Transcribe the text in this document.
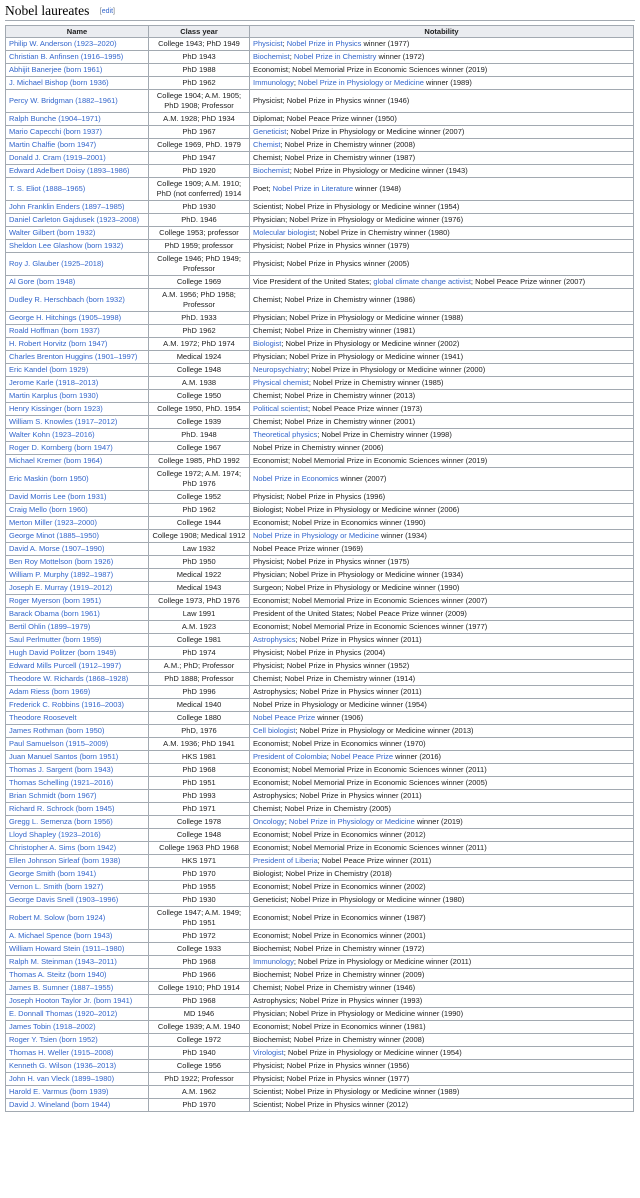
Nobel laureates [edit]
Name	Class year	Notability
Philip W. Anderson (1923–2020)	College 1943; PhD 1949	Physicist; Nobel Prize in Physics winner (1977)
Christian B. Anfinsen (1916–1995)	PhD 1943	Biochemist; Nobel Prize in Chemistry winner (1972)
Abhijit Banerjee (born 1961)	PhD 1988	Economist; Nobel Memorial Prize in Economic Sciences winner (2019)
J. Michael Bishop (born 1936)	PhD 1962	Immunology; Nobel Prize in Physiology or Medicine winner (1989)
Percy W. Bridgman (1882–1961)	College 1904; A.M. 1905; PhD 1908; Professor	Physicist; Nobel Prize in Physics winner (1946)
Ralph Bunche (1904–1971)	A.M. 1928; PhD 1934	Diplomat; Nobel Peace Prize winner (1950)
Mario Capecchi (born 1937)	PhD 1967	Geneticist; Nobel Prize in Physiology or Medicine winner (2007)
Martin Chalfie (born 1947)	College 1969, PhD. 1979	Chemist; Nobel Prize in Chemistry winner (2008)
Donald J. Cram (1919–2001)	PhD 1947	Chemist; Nobel Prize in Chemistry winner (1987)
Edward Adelbert Doisy (1893–1986)	PhD 1920	Biochemist; Nobel Prize in Physiology or Medicine winner (1943)
T. S. Eliot (1888–1965)	College 1909; A.M. 1910; PhD (not conferred) 1914	Poet; Nobel Prize in Literature winner (1948)
John Franklin Enders (1897–1985)	PhD 1930	Scientist; Nobel Prize in Physiology or Medicine winner (1954)
Daniel Carleton Gajdusek (1923–2008)	PhD. 1946	Physician; Nobel Prize in Physiology or Medicine winner (1976)
Walter Gilbert (born 1932)	College 1953; professor	Molecular biologist; Nobel Prize in Chemistry winner (1980)
Sheldon Lee Glashow (born 1932)	PhD 1959; professor	Physicist; Nobel Prize in Physics winner (1979)
Roy J. Glauber (1925–2018)	College 1946; PhD 1949; Professor	Physicist; Nobel Prize in Physics winner (2005)
Al Gore (born 1948)	College 1969	Vice President of the United States; global climate change activist; Nobel Peace Prize winner (2007)
Dudley R. Herschbach (born 1932)	A.M. 1956; PhD 1958; Professor	Chemist; Nobel Prize in Chemistry winner (1986)
George H. Hitchings (1905–1998)	PhD. 1933	Physician; Nobel Prize in Physiology or Medicine winner (1988)
Roald Hoffman (born 1937)	PhD 1962	Chemist; Nobel Prize in Chemistry winner (1981)
H. Robert Horvitz (born 1947)	A.M. 1972; PhD 1974	Biologist; Nobel Prize in Physiology or Medicine winner (2002)
Charles Brenton Huggins (1901–1997)	Medical 1924	Physician; Nobel Prize in Physiology or Medicine winner (1941)
Eric Kandel (born 1929)	College 1948	Neuropsychiatry; Nobel Prize in Physiology or Medicine winner (2000)
Jerome Karle (1918–2013)	A.M. 1938	Physical chemist; Nobel Prize in Chemistry winner (1985)
Martin Karplus (born 1930)	College 1950	Chemist; Nobel Prize in Chemistry winner (2013)
Henry Kissinger (born 1923)	College 1950, PhD. 1954	Political scientist; Nobel Peace Prize winner (1973)
William S. Knowles (1917–2012)	College 1939	Chemist; Nobel Prize in Chemistry winner (2001)
Walter Kohn (1923–2016)	PhD. 1948	Theoretical physics; Nobel Prize in Chemistry winner (1998)
Roger D. Kornberg (born 1947)	College 1967	Nobel Prize in Chemistry winner (2006)
Michael Kremer (born 1964)	College 1985, PhD 1992	Economist; Nobel Memorial Prize in Economic Sciences winner (2019)
Eric Maskin (born 1950)	College 1972; A.M. 1974; PhD 1976	Nobel Prize in Economics winner (2007)
David Morris Lee (born 1931)	College 1952	Physicist; Nobel Prize in Physics (1996)
Craig Mello (born 1960)	PhD 1962	Biologist; Nobel Prize in Physiology or Medicine winner (2006)
Merton Miller (1923–2000)	College 1944	Economist; Nobel Prize in Economics winner (1990)
George Minot (1885–1950)	College 1908; Medical 1912	Nobel Prize in Physiology or Medicine winner (1934)
David A. Morse (1907–1990)	Law 1932	Nobel Peace Prize winner (1969)
Ben Roy Mottelson (born 1926)	PhD 1950	Physicist; Nobel Prize in Physics winner (1975)
William P. Murphy (1892–1987)	Medical 1922	Physician; Nobel Prize in Physiology or Medicine winner (1934)
Joseph E. Murray (1919–2012)	Medical 1943	Surgeon; Nobel Prize in Physiology or Medicine winner (1990)
Roger Myerson (born 1951)	College 1973, PhD 1976	Economist; Nobel Memorial Prize in Economic Sciences winner (2007)
Barack Obama (born 1961)	Law 1991	President of the United States; Nobel Peace Prize winner (2009)
Bertil Ohlin (1899–1979)	A.M. 1923	Economist; Nobel Memorial Prize in Economic Sciences winner (1977)
Saul Perlmutter (born 1959)	College 1981	Astrophysics; Nobel Prize in Physics winner (2011)
Hugh David Politzer (born 1949)	PhD 1974	Physicist; Nobel Prize in Physics (2004)
Edward Mills Purcell (1912–1997)	A.M.; PhD; Professor	Physicist; Nobel Prize in Physics winner (1952)
Theodore W. Richards (1868–1928)	PhD 1888; Professor	Chemist; Nobel Prize in Chemistry winner (1914)
Adam Riess (born 1969)	PhD 1996	Astrophysics; Nobel Prize in Physics winner (2011)
Frederick C. Robbins (1916–2003)	Medical 1940	Nobel Prize in Physiology or Medicine winner (1954)
Theodore Roosevelt	College 1880	Nobel Peace Prize winner (1906)
James Rothman (born 1950)	PhD, 1976	Cell biologist; Nobel Prize in Physiology or Medicine winner (2013)
Paul Samuelson (1915–2009)	A.M. 1936; PhD 1941	Economist; Nobel Prize in Economics winner (1970)
Juan Manuel Santos (born 1951)	HKS 1981	President of Colombia; Nobel Peace Prize winner (2016)
Thomas J. Sargent (born 1943)	PhD 1968	Economist; Nobel Memorial Prize in Economic Sciences winner (2011)
Thomas Schelling (1921–2016)	PhD 1951	Economist; Nobel Memorial Prize in Economic Sciences winner (2005)
Brian Schmidt (born 1967)	PhD 1993	Astrophysics; Nobel Prize in Physics winner (2011)
Richard R. Schrock (born 1945)	PhD 1971	Chemist; Nobel Prize in Chemistry (2005)
Gregg L. Semenza (born 1956)	College 1978	Oncology; Nobel Prize in Physiology or Medicine winner (2019)
Lloyd Shapley (1923–2016)	College 1948	Economist; Nobel Prize in Economics winner (2012)
Christopher A. Sims (born 1942)	College 1963 PhD 1968	Economist; Nobel Memorial Prize in Economic Sciences winner (2011)
Ellen Johnson Sirleaf (born 1938)	HKS 1971	President of Liberia; Nobel Peace Prize winner (2011)
George Smith (born 1941)	PhD 1970	Biologist; Nobel Prize in Chemistry (2018)
Vernon L. Smith (born 1927)	PhD 1955	Economist; Nobel Prize in Economics winner (2002)
George Davis Snell (1903–1996)	PhD 1930	Geneticist; Nobel Prize in Physiology or Medicine winner (1980)
Robert M. Solow (born 1924)	College 1947; A.M. 1949; PhD 1951	Economist; Nobel Prize in Economics winner (1987)
A. Michael Spence (born 1943)	PhD 1972	Economist; Nobel Prize in Economics winner (2001)
William Howard Stein (1911–1980)	College 1933	Biochemist; Nobel Prize in Chemistry winner (1972)
Ralph M. Steinman (1943–2011)	PhD 1968	Immunology; Nobel Prize in Physiology or Medicine winner (2011)
Thomas A. Steitz (born 1940)	PhD 1966	Biochemist; Nobel Prize in Chemistry winner (2009)
James B. Sumner (1887–1955)	College 1910; PhD 1914	Chemist; Nobel Prize in Chemistry winner (1946)
Joseph Hooton Taylor Jr. (born 1941)	PhD 1968	Astrophysics; Nobel Prize in Physics winner (1993)
E. Donnall Thomas (1920–2012)	MD 1946	Physician; Nobel Prize in Physiology or Medicine winner (1990)
James Tobin (1918–2002)	College 1939; A.M. 1940	Economist; Nobel Prize in Economics winner (1981)
Roger Y. Tsien (born 1952)	College 1972	Biochemist; Nobel Prize in Chemistry winner (2008)
Thomas H. Weller (1915–2008)	PhD 1940	Virologist; Nobel Prize in Physiology or Medicine winner (1954)
Kenneth G. Wilson (1936–2013)	College 1956	Physicist; Nobel Prize in Physics winner (1956)
John H. van Vleck (1899–1980)	PhD 1922; Professor	Physicist; Nobel Prize in Physics winner (1977)
Harold E. Varmus (born 1939)	A.M. 1962	Scientist; Nobel Prize in Physiology or Medicine winner (1989)
David J. Wineland (born 1944)	PhD 1970	Scientist; Nobel Prize in Physics winner (2012)
